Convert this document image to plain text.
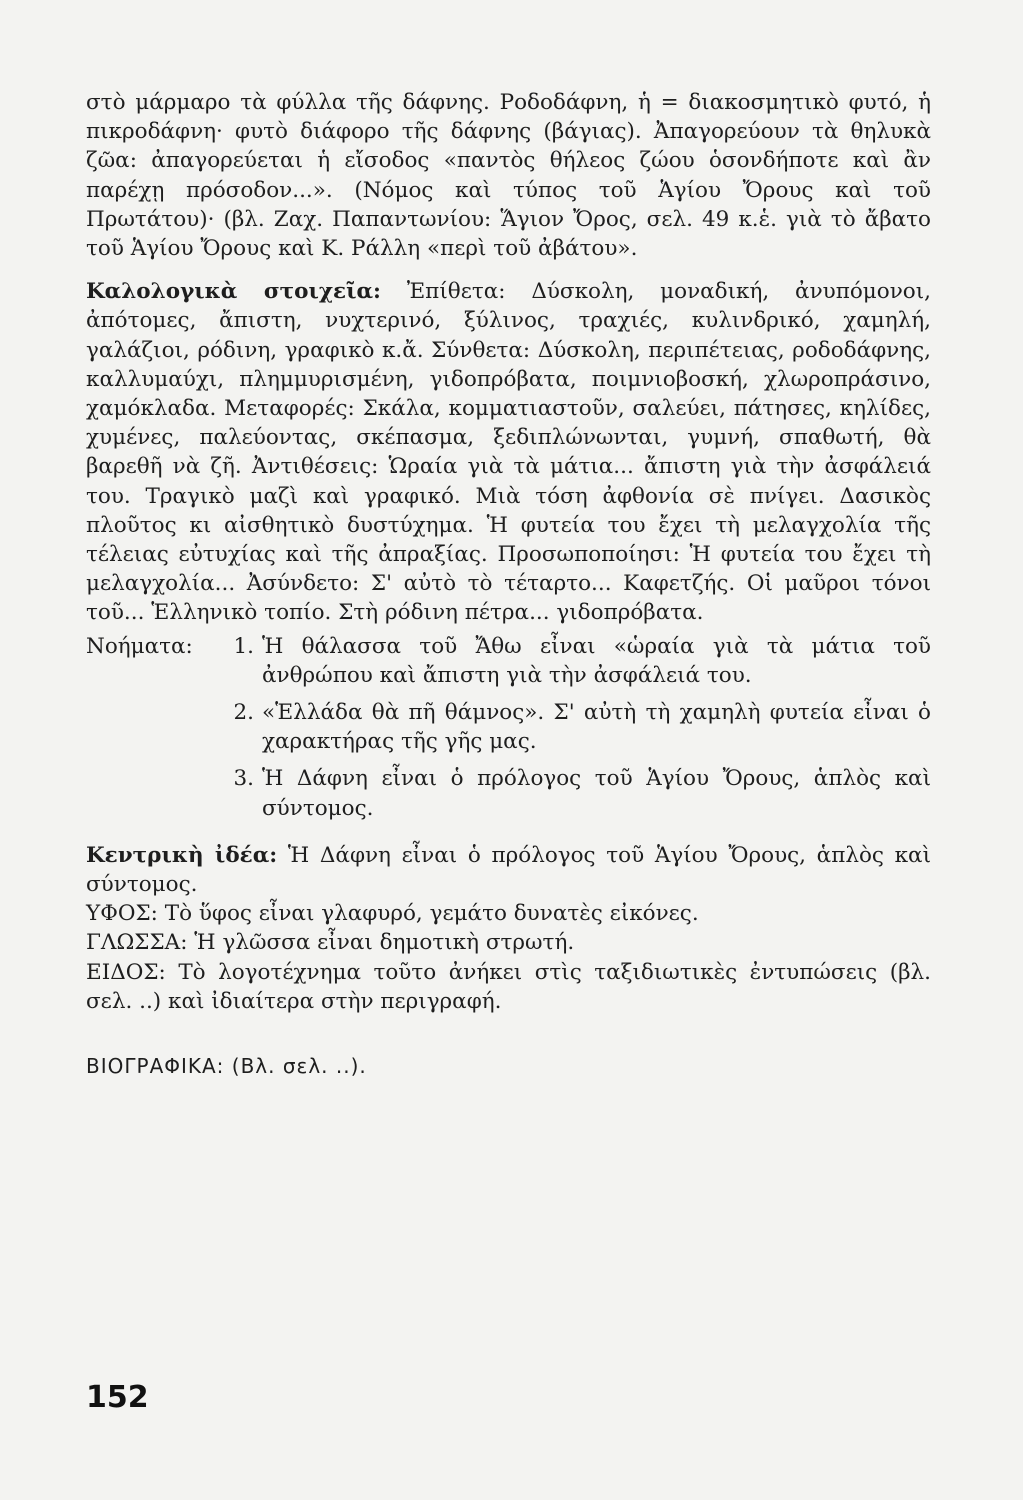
στὸ μάρμαρο τὰ φύλλα τῆς δάφνης. Ροδοδάφνη, ἡ = διακοσμητικὸ φυτό, ἡ πικροδάφνη· φυτὸ διάφορο τῆς δάφνης (βάγιας). Ἀπαγορεύουν τὰ θηλυκὰ ζῶα: ἀπαγορεύεται ἡ εἴσοδος «παντὸς θήλεος ζώου ὁσονδήποτε καὶ ἂν παρέχῃ πρόσοδον...». (Νόμος καὶ τύπος τοῦ Ἁγίου Ὄρους καὶ τοῦ Πρωτάτου)· (βλ. Ζαχ. Παπαντωνίου: Ἅγιον Ὄρος, σελ. 49 κ.ἑ. γιὰ τὸ ἄβατο τοῦ Ἁγίου Ὄρους καὶ Κ. Ράλλη «περὶ τοῦ ἀβάτου».

Καλολογικὰ στοιχεῖα: Ἐπίθετα: Δύσκολη, μοναδική, ἀνυπόμονοι, ἀπότομες, ἄπιστη, νυχτερινό, ξύλινος, τραχιές, κυλινδρικό, χαμηλή, γαλάζιοι, ρόδινη, γραφικὸ κ.ἄ. Σύνθετα: Δύσκολη, περιπέτειας, ροδοδάφνης, καλλυμαύχι, πλημμυρισμένη, γιδοπρόβατα, ποιμνιοβοσκή, χλωροπράσινο, χαμόκλαδα. Μεταφορές: Σκάλα, κομματιαστοῦν, σαλεύει, πάτησες, κηλίδες, χυμένες, παλεύοντας, σκέπασμα, ξεδιπλώνωνται, γυμνή, σπαθωτή, θὰ βαρεθῆ νὰ ζῆ. Ἀντιθέσεις: Ὡραία γιὰ τὰ μάτια... ἄπιστη γιὰ τὴν ἀσφάλειά του. Τραγικὸ μαζὶ καὶ γραφικό. Μιὰ τόση ἀφθονία σὲ πνίγει. Δασικὸς πλοῦτος κι αἰσθητικὸ δυστύχημα. Ἡ φυτεία του ἔχει τὴ μελαγχολία τῆς τέλειας εὐτυχίας καὶ τῆς ἀπραξίας. Προσωποποίησι: Ἡ φυτεία του ἔχει τὴ μελαγχολία... Ἀσύνδετο: Σ' αὐτὸ τὸ τέταρτο... Καφετζής. Οἱ μαῦροι τόνοι τοῦ... Ἑλληνικὸ τοπίο. Στὴ ρόδινη πέτρα... γιδοπρόβατα.

Νοήματα:	1. Ἡ θάλασσα τοῦ Ἄθω εἶναι «ὡραία γιὰ τὰ μάτια τοῦ ἀνθρώπου καὶ ἄπιστη γιὰ τὴν ἀσφάλειά του.
2. «Ἑλλάδα θὰ πῆ θάμνος». Σ' αὐτὴ τὴ χαμηλὴ φυτεία εἶναι ὁ χαρακτήρας τῆς γῆς μας.
3. Ἡ Δάφνη εἶναι ὁ πρόλογος τοῦ Ἁγίου Ὄρους, ἁπλὸς καὶ σύντομος.

Κεντρικὴ ἰδέα: Ἡ Δάφνη εἶναι ὁ πρόλογος τοῦ Ἁγίου Ὄρους, ἁπλὸς καὶ σύντομος.

ΥΦΟΣ: Τὸ ὕφος εἶναι γλαφυρό, γεμάτο δυνατὲς εἰκόνες.

ΓΛΩΣΣΑ: Ἡ γλῶσσα εἶναι δημοτικὴ στρωτή.

ΕΙΔΟΣ: Τὸ λογοτέχνημα τοῦτο ἀνήκει στὶς ταξιδιωτικὲς ἐντυπώσεις (βλ. σελ. ..) καὶ ἰδιαίτερα στὴν περιγραφή.

ΒΙΟΓΡΑΦΙΚΑ: (Βλ. σελ. ..).

152
